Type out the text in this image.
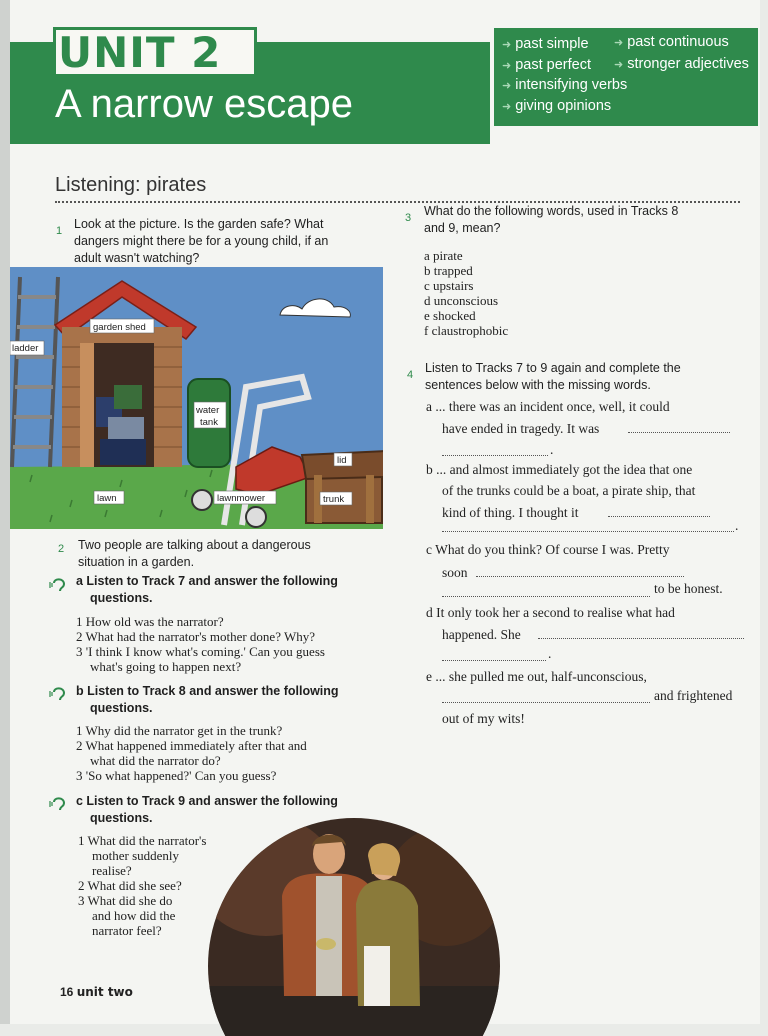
UNIT 2
A narrow escape
➜ past simple ➜ past continuous
➜ past perfect ➜ stronger adjectives
➜ intensifying verbs
➜ giving opinions
Listening: pirates
1 Look at the picture. Is the garden safe? What
dangers might there be for a young child, if an
adult wasn't watching?
ladder
garden shed
water
tank
lid
lawn	lawnmower	trunk
2 Two people are talking about a dangerous
situation in a garden.
a Listen to Track 7 and answer the following
questions.
1 How old was the narrator?
2 What had the narrator's mother done? Why?
3 'I think I know what's coming.' Can you guess
what's going to happen next?
b Listen to Track 8 and answer the following
questions.
1 Why did the narrator get in the trunk?
2 What happened immediately after that and
what did the narrator do?
3 'So what happened?' Can you guess?
c Listen to Track 9 and answer the following
questions.
1 What did the narrator's
mother suddenly
realise?
2 What did she see?
3 What did she do
and how did the
narrator feel?
3 What do the following words, used in Tracks 8
and 9, mean?
a pirate
b trapped
c upstairs
d unconscious
e shocked
f claustrophobic
4 Listen to Tracks 7 to 9 again and complete the
sentences below with the missing words.
a ... there was an incident once, well, it could
have ended in tragedy. It was
.
b ... and almost immediately got the idea that one
of the trunks could be a boat, a pirate ship, that
kind of thing. I thought it
.
c What do you think? Of course I was. Pretty
soon
to be honest.
d It only took her a second to realise what had
happened. She
.
e ... she pulled me out, half-unconscious,
and frightened
out of my wits!
16 unit two
